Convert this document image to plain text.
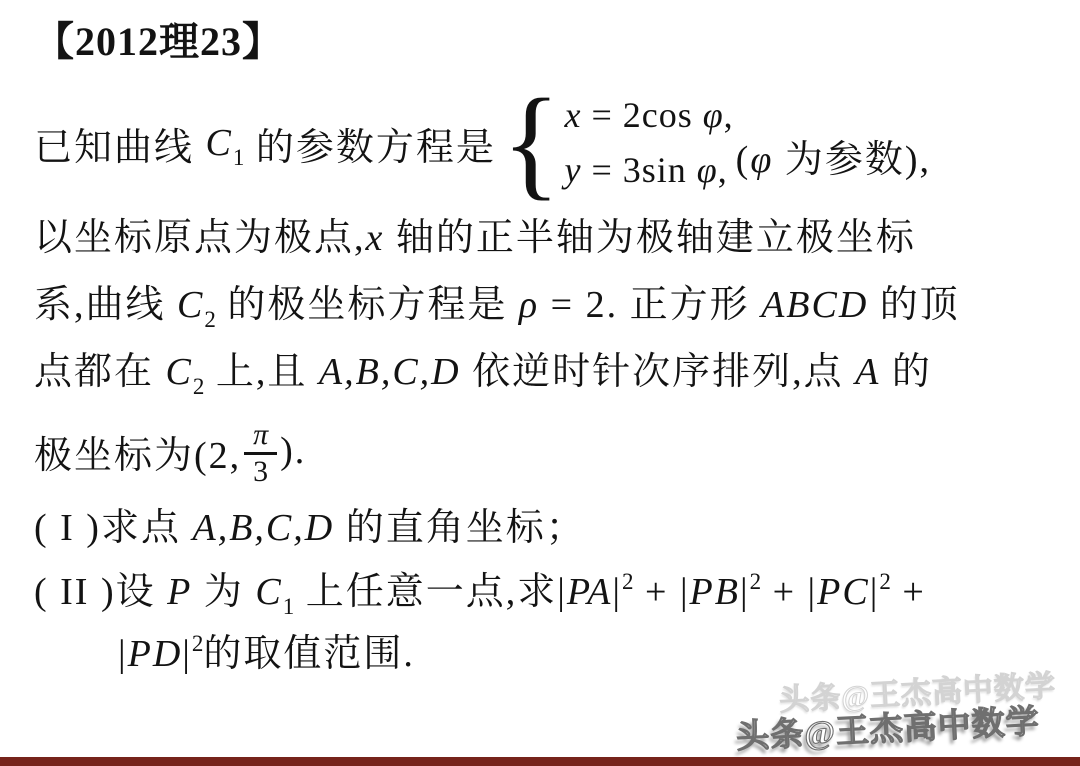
【2012理23】
已知曲线 C 1 的参数方程是 { x = 2cos φ ,
y = 3sin φ , ( φ 为参数),
以坐标原点为极点, x 轴的正半轴为极轴建立极坐标
系,曲线 C 2 的极坐标方程是 ρ = 2. 正方形 ABCD 的顶
点都在 C 2 上,且 A,B,C,D 依逆时针次序排列,点 A 的
极坐标为(2, $\frac{\pi}{3}$ ).
( I ) 求点 A,B,C,D 的直角坐标；
( II ) 设 P 为 C 1 上任意一点,求 | PA | 2 + | PB | 2 + | PC | 2 +
| PD | 2 的取值范围.
头条@王杰高中数学
头条@王杰高中数学
